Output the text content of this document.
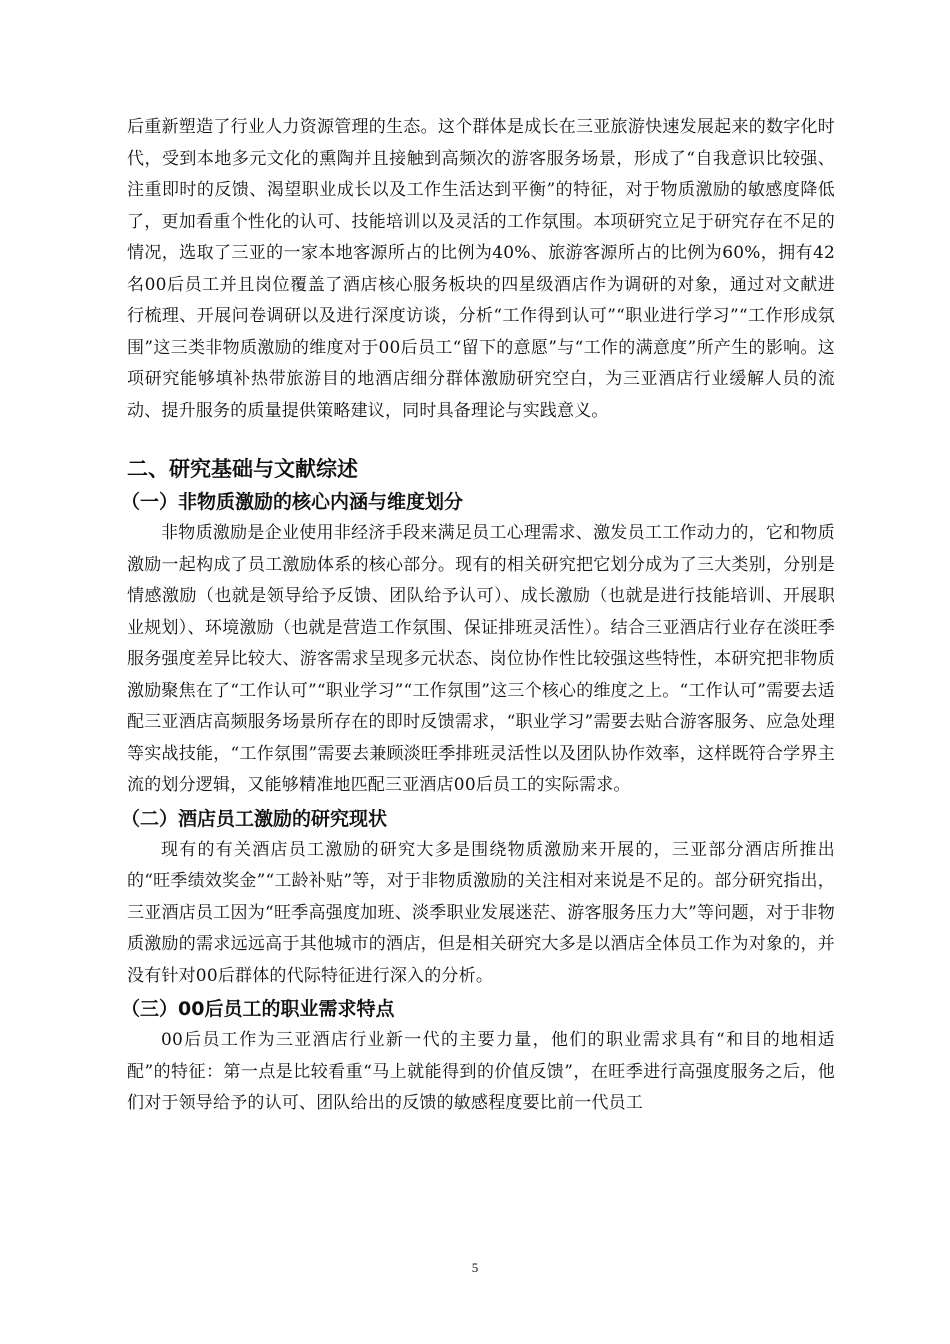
后重新塑造了行业人力资源管理的生态。这个群体是成长在三亚旅游快速发展起来的数字化时代，受到本地多元文化的熏陶并且接触到高频次的游客服务场景，形成了“自我意识比较强、注重即时的反馈、渴望职业成长以及工作生活达到平衡”的特征，对于物质激励的敏感度降低了，更加看重个性化的认可、技能培训以及灵活的工作氛围。本项研究立足于研究存在不足的情况，选取了三亚的一家本地客源所占的比例为40%、旅游客源所占的比例为60%，拥有42名00后员工并且岗位覆盖了酒店核心服务板块的四星级酒店作为调研的对象，通过对文献进行梳理、开展问卷调研以及进行深度访谈，分析“工作得到认可”“职业进行学习”“工作形成氛围”这三类非物质激励的维度对于00后员工“留下的意愿”与“工作的满意度”所产生的影响。这项研究能够填补热带旅游目的地酒店细分群体激励研究空白，为三亚酒店行业缓解人员的流动、提升服务的质量提供策略建议，同时具备理论与实践意义。

二、研究基础与文献综述
（一）非物质激励的核心内涵与维度划分

非物质激励是企业使用非经济手段来满足员工心理需求、激发员工工作动力的，它和物质激励一起构成了员工激励体系的核心部分。现有的相关研究把它划分成为了三大类别，分别是情感激励（也就是领导给予反馈、团队给予认可）、成长激励（也就是进行技能培训、开展职业规划）、环境激励（也就是营造工作氛围、保证排班灵活性）。结合三亚酒店行业存在淡旺季服务强度差异比较大、游客需求呈现多元状态、岗位协作性比较强这些特性，本研究把非物质激励聚焦在了“工作认可”“职业学习”“工作氛围”这三个核心的维度之上。“工作认可”需要去适配三亚酒店高频服务场景所存在的即时反馈需求，“职业学习”需要去贴合游客服务、应急处理等实战技能，“工作氛围”需要去兼顾淡旺季排班灵活性以及团队协作效率，这样既符合学界主流的划分逻辑，又能够精准地匹配三亚酒店00后员工的实际需求。

（二）酒店员工激励的研究现状

现有的有关酒店员工激励的研究大多是围绕物质激励来开展的，三亚部分酒店所推出的“旺季绩效奖金”“工龄补贴”等，对于非物质激励的关注相对来说是不足的。部分研究指出，三亚酒店员工因为“旺季高强度加班、淡季职业发展迷茫、游客服务压力大”等问题，对于非物质激励的需求远远高于其他城市的酒店，但是相关研究大多是以酒店全体员工作为对象的，并没有针对00后群体的代际特征进行深入的分析。

（三）00后员工的职业需求特点

00后员工作为三亚酒店行业新一代的主要力量，他们的职业需求具有“和目的地相适配”的特征：第一点是比较看重“马上就能得到的价值反馈”，在旺季进行高强度服务之后，他们对于领导给予的认可、团队给出的反馈的敏感程度要比前一代员工

5
